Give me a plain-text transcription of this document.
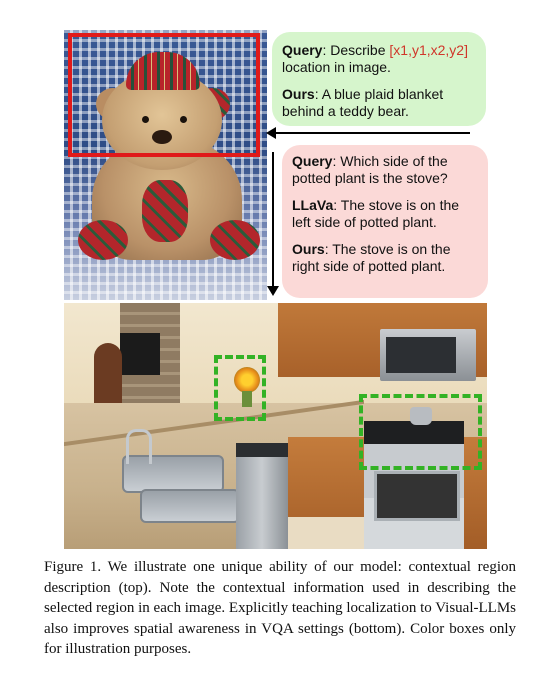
Query: Describe [x1,y1,x2,y2] location in image.

Ours: A blue plaid blanket behind a teddy bear.

Query: Which side of the potted plant is the stove?

LLaVa: The stove is on the left side of potted plant.

Ours: The stove is on the right side of potted plant.

Figure 1. We illustrate one unique ability of our model: contextual region description (top). Note the contextual information used in describing the selected region in each image. Explicitly teaching localization to Visual-LLMs also improves spatial awareness in VQA settings (bottom). Color boxes only for illustration purposes.
